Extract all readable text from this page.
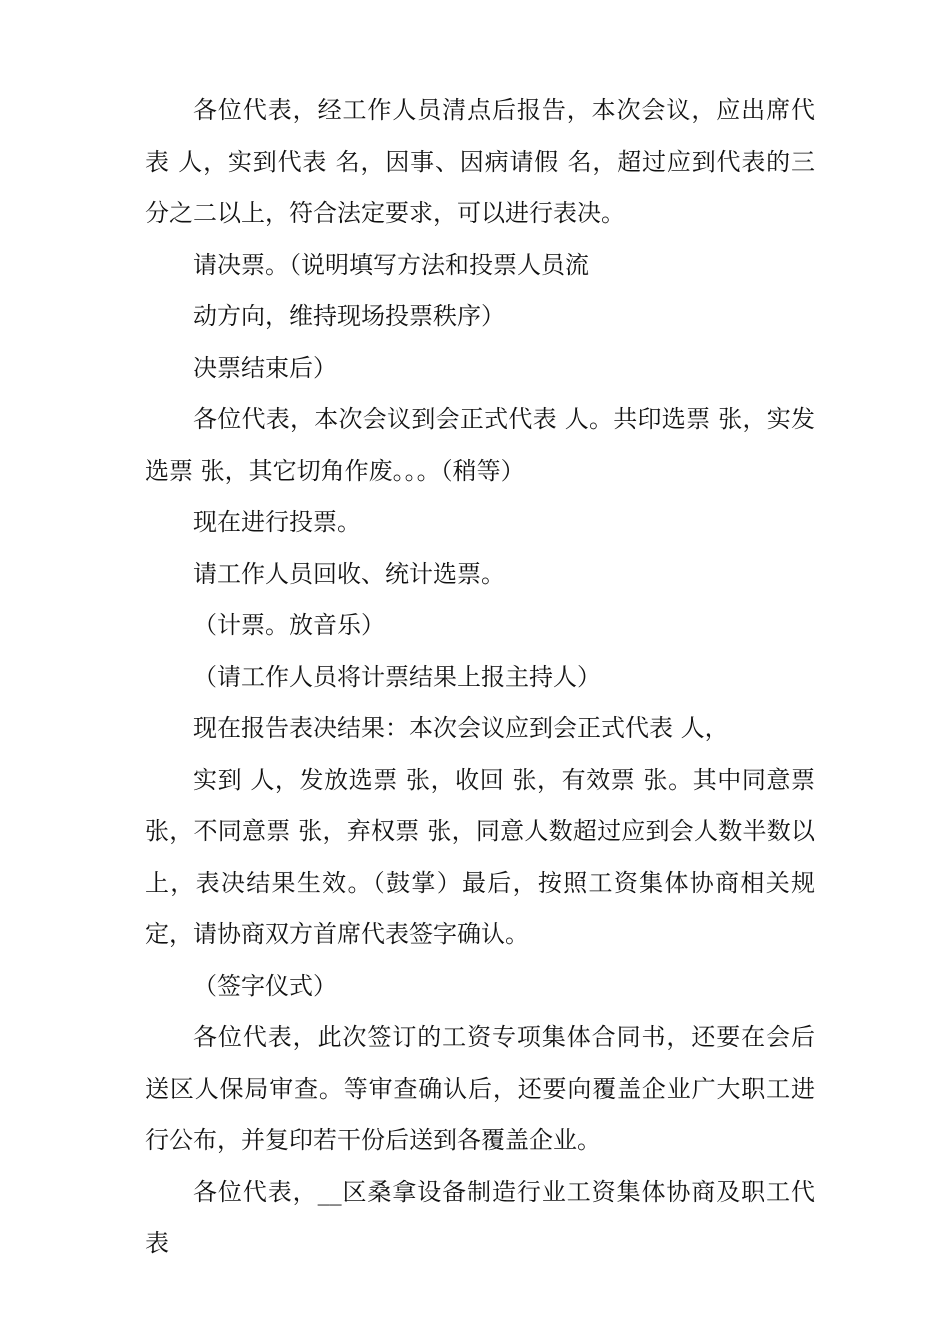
各位代表，经工作人员清点后报告，本次会议，应出席代表 人，实到代表 名，因事、因病请假 名，超过应到代表的三分之二以上，符合法定要求，可以进行表决。

请决票。（说明填写方法和投票人员流

动方向，维持现场投票秩序）

决票结束后）

各位代表，本次会议到会正式代表 人。共印选票 张，实发选票 张，其它切角作废。。。（稍等）

现在进行投票。

请工作人员回收、统计选票。

（计票。放音乐）

（请工作人员将计票结果上报主持人）

现在报告表决结果：本次会议应到会正式代表 人，

实到 人，发放选票 张，收回 张，有效票 张。其中同意票张，不同意票 张，弃权票 张，同意人数超过应到会人数半数以上，表决结果生效。（鼓掌）最后，按照工资集体协商相关规定，请协商双方首席代表签字确认。

（签字仪式）

各位代表，此次签订的工资专项集体合同书，还要在会后送区人保局审查。等审查确认后，还要向覆盖企业广大职工进行公布，并复印若干份后送到各覆盖企业。

各位代表，__区桑拿设备制造行业工资集体协商及职工代表
